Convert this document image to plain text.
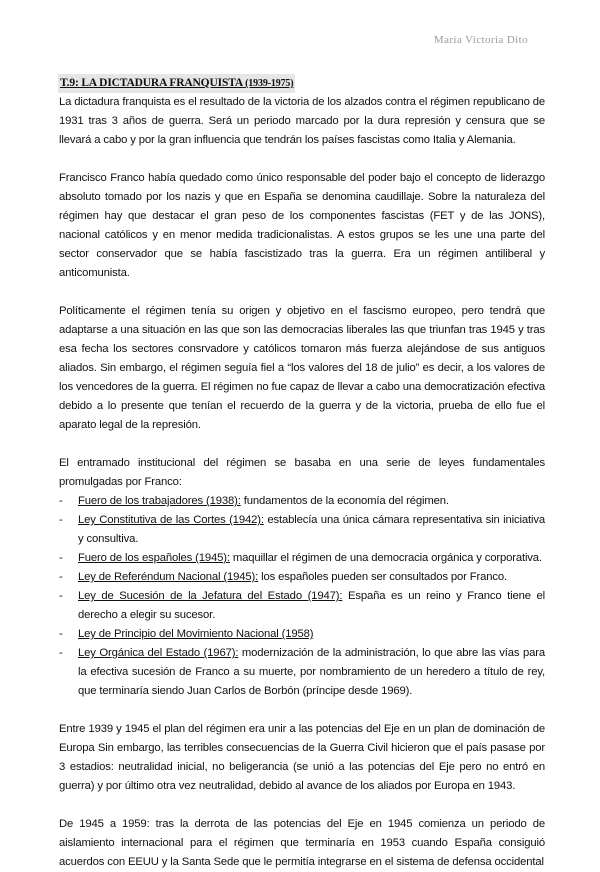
María Victoria Dito
T.9: LA DICTADURA FRANQUISTA (1939-1975)

La dictadura franquista es el resultado de la victoria de los alzados contra el régimen republicano de 1931 tras 3 años de guerra. Será un periodo marcado por la dura represión y censura que se llevará a cabo y por la gran influencia que tendrán los países fascistas como Italia y Alemania.

Francisco Franco había quedado como único responsable del poder bajo el concepto de liderazgo absoluto tomado por los nazis y que en España se denomina caudillaje. Sobre la naturaleza del régimen hay que destacar el gran peso de los componentes fascistas (FET y de las JONS), nacional católicos y en menor medida tradicionalistas. A estos grupos se les une una parte del sector conservador que se había fascistizado tras la guerra. Era un régimen antiliberal y anticomunista.

Políticamente el régimen tenía su origen y objetivo en el fascismo europeo, pero tendrá que adaptarse a una situación en las que son las democracias liberales las que triunfan tras 1945 y tras esa fecha los sectores consrvadore y católicos tomaron más fuerza alejándose de sus antiguos aliados. Sin embargo, el régimen seguía fiel a “los valores del 18 de julio” es decir, a los valores de los vencedores de la guerra. El régimen no fue capaz de llevar a cabo una democratización efectiva debido a lo presente que tenían el recuerdo de la guerra y de la victoria, prueba de ello fue el aparato legal de la represión.

El entramado institucional del régimen se basaba en una serie de leyes fundamentales promulgadas por Franco:

- Fuero de los trabajadores (1938): fundamentos de la economía del régimen.
- Ley Constitutiva de las Cortes (1942): establecía una única cámara representativa sin iniciativa y consultiva.
- Fuero de los españoles (1945): maquillar el régimen de una democracia orgánica y corporativa.
- Ley de Referéndum Nacional (1945): los españoles pueden ser consultados por Franco.
- Ley de Sucesión de la Jefatura del Estado (1947): España es un reino y Franco tiene el derecho a elegir su sucesor.
- Ley de Principio del Movimiento Nacional (1958)
- Ley Orgánica del Estado (1967): modernización de la administración, lo que abre las vías para la efectiva sucesión de Franco a su muerte, por nombramiento de un heredero a título de rey, que terminaría siendo Juan Carlos de Borbón (príncipe desde 1969).

Entre 1939 y 1945 el plan del régimen era unir a las potencias del Eje en un plan de dominación de Europa Sin embargo, las terribles consecuencias de la Guerra Civil hicieron que el país pasase por 3 estadios: neutralidad inicial, no beligerancia (se unió a las potencias del Eje pero no entró en guerra) y por último otra vez neutralidad, debido al avance de los aliados por Europa en 1943.

De 1945 a 1959: tras la derrota de las potencias del Eje en 1945 comienza un periodo de aislamiento internacional para el régimen que terminaría en 1953 cuando España consiguió acuerdos con EEUU y la Santa Sede que le permitía integrarse en el sistema de defensa occidental
